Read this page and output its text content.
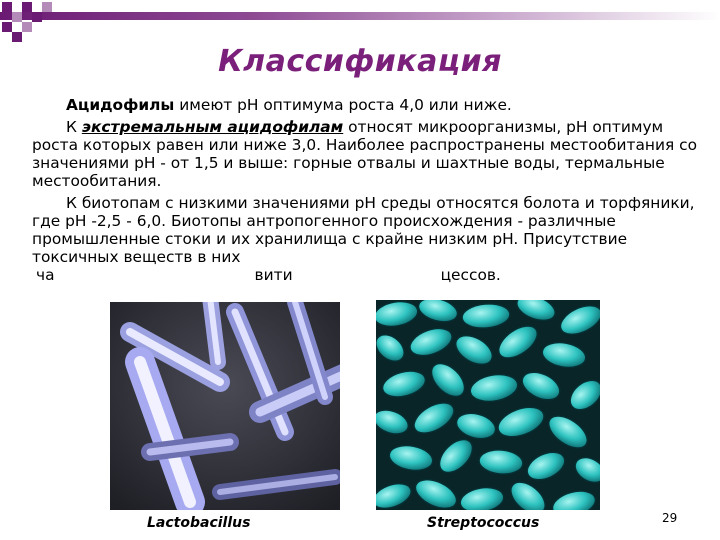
Классификация

Ацидофилы имеют pH оптимума роста 4,0 или ниже.

К экстремальным ацидофилам относят микроорганизмы, pH оптимум роста которых равен или ниже 3,0. Наиболее распространены местообитания со значениями pH - от 1,5 и выше: горные отвалы и шахтные воды, термальные местообитания.

К биотопам с низкими значениями pH среды относятся болота и торфяники, где pH -2,5 - 6,0. Биотопы антропогенного происхождения - различные промышленные стоки и их хранилища с крайне низким pH. Присутствие токсичных веществ в них ча	вити	цессов.

Lactobacillus	Streptococcus	29
